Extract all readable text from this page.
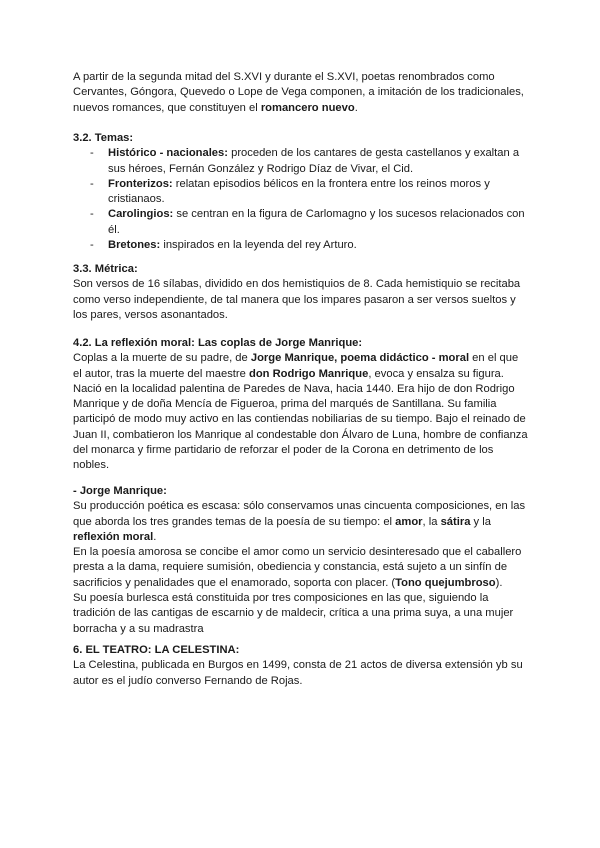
A partir de la segunda mitad del S.XVI y durante el S.XVI, poetas renombrados como
Cervantes, Góngora, Quevedo o Lope de Vega componen, a imitación de los tradicionales,
nuevos romances, que constituyen el romancero nuevo.

3.2. Temas:

- Histórico - nacionales: proceden de los cantares de gesta castellanos y exaltan a sus héroes, Fernán González y Rodrigo Díaz de Vivar, el Cid.
- Fronterizos: relatan episodios bélicos en la frontera entre los reinos moros y cristianaos.
- Carolingios: se centran en la figura de Carlomagno y los sucesos relacionados con él.
- Bretones: inspirados en la leyenda del rey Arturo.

3.3. Métrica:

Son versos de 16 sílabas, dividido en dos hemistiquios de 8. Cada hemistiquio se recitaba como verso independiente, de tal manera que los impares pasaron a ser versos sueltos y los pares, versos asonantados.

4.2. La reflexión moral: Las coplas de Jorge Manrique:

Coplas a la muerte de su padre, de Jorge Manrique, poema didáctico - moral en el que el autor, tras la muerte del maestre don Rodrigo Manrique, evoca y ensalza su figura.

Nació en la localidad palentina de Paredes de Nava, hacia 1440. Era hijo de don Rodrigo Manrique y de doña Mencía de Figueroa, prima del marqués de Santillana. Su familia participó de modo muy activo en las contiendas nobiliarias de su tiempo. Bajo el reinado de Juan II, combatieron los Manrique al condestable don Álvaro de Luna, hombre de confianza del monarca y firme partidario de reforzar el poder de la Corona en detrimento de los nobles.

- Jorge Manrique:

Su producción poética es escasa: sólo conservamos unas cincuenta composiciones, en las que aborda los tres grandes temas de la poesía de su tiempo: el amor, la sátira y la reflexión moral.

En la poesía amorosa se concibe el amor como un servicio desinteresado que el caballero presta a la dama, requiere sumisión, obediencia y constancia, está sujeto a un sinfín de sacrificios y penalidades que el enamorado, soporta con placer. (Tono quejumbroso).

Su poesía burlesca está constituida por tres composiciones en las que, siguiendo la tradición de las cantigas de escarnio y de maldecir, crítica a una prima suya, a una mujer borracha y a su madrastra

6. EL TEATRO: LA CELESTINA:

La Celestina, publicada en Burgos en 1499, consta de 21 actos de diversa extensión yb su autor es el judío converso Fernando de Rojas.
